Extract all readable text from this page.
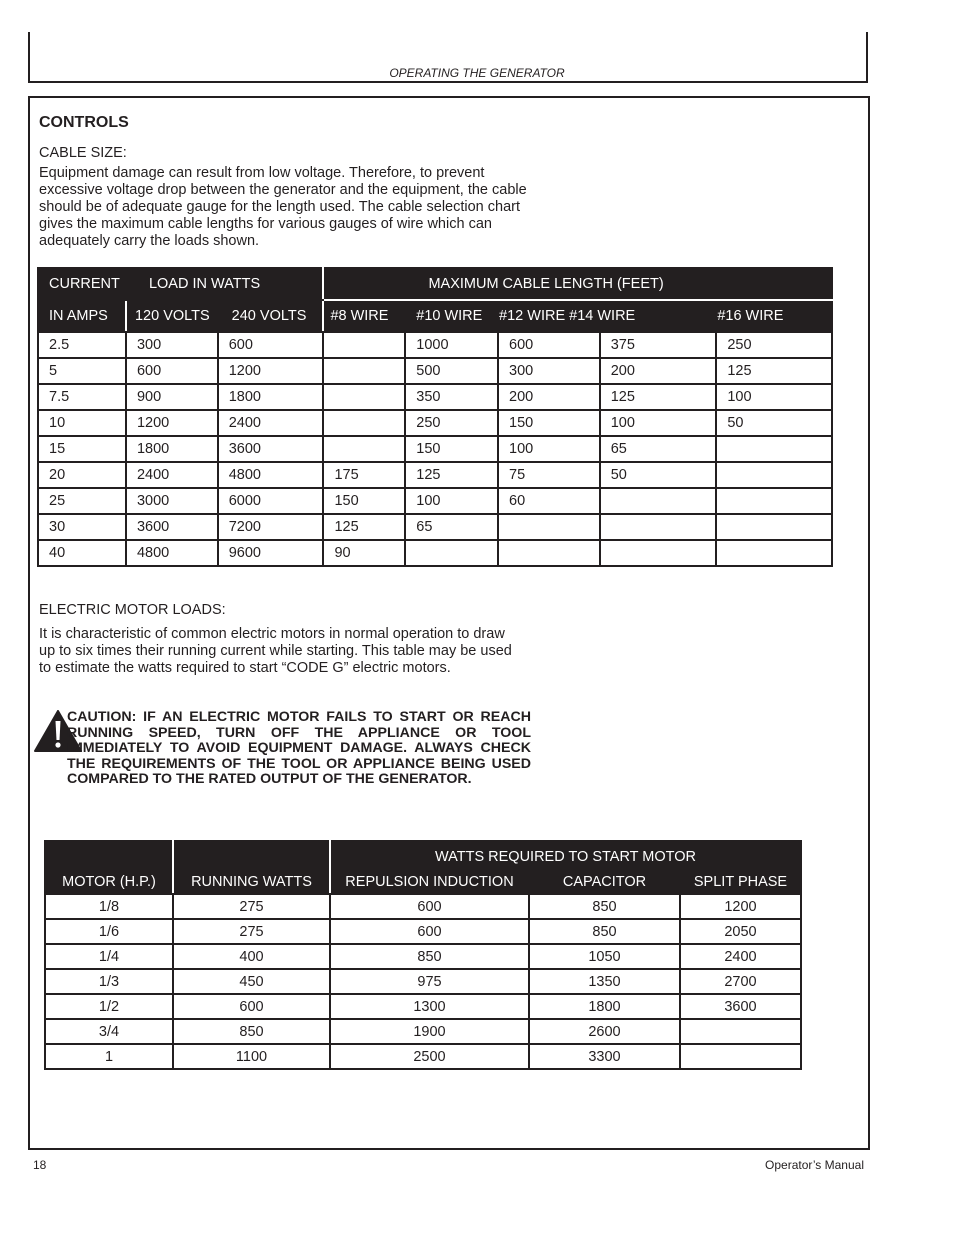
OPERATING THE GENERATOR
CONTROLS

CABLE SIZE:

Equipment damage can result from low voltage. Therefore, to prevent excessive voltage drop between the generator and the equipment, the cable should be of adequate gauge for the length used. The cable selection chart gives the maximum cable lengths for various gauges of wire which can adequately carry the loads shown.

CURRENT	LOAD IN WATTS		MAXIMUM CABLE LENGTH (FEET)				
IN AMPS	120 VOLTS 240 VOLTS		#8 WIRE	#10 WIRE	#12 WIRE #14 WIRE		#16 WIRE
2.5	300	600		1000	600	375	250
5	600	1200		500	300	200	125
7.5	900	1800		350	200	125	100
10	1200	2400		250	150	100	50
15	1800	3600		150	100	65	
20	2400	4800	175	125	75	50	
25	3000	6000	150	100	60		
30	3600	7200	125	65			
40	4800	9600	90				

ELECTRIC MOTOR LOADS:

It is characteristic of common electric motors in normal operation to draw up to six times their running current while starting. This table may be used to estimate the watts required to start “CODE G” electric motors.

CAUTION: IF AN ELECTRIC MOTOR FAILS TO START OR REACH RUNNING SPEED, TURN OFF THE APPLIANCE OR TOOL IMMEDIATELY TO AVOID EQUIPMENT DAMAGE. ALWAYS CHECK THE REQUIREMENTS OF THE TOOL OR APPLIANCE BEING USED COMPARED TO THE RATED OUTPUT OF THE GENERATOR.
		WATTS REQUIRED TO START MOTOR		
MOTOR (H.P.)	RUNNING WATTS	REPULSION INDUCTION	CAPACITOR	SPLIT PHASE
1/8	275	600	850	1200
1/6	275	600	850	2050
1/4	400	850	1050	2400
1/3	450	975	1350	2700
1/2	600	1300	1800	3600
3/4	850	1900	2600	
1	1100	2500	3300	
18	Operator’s Manual
